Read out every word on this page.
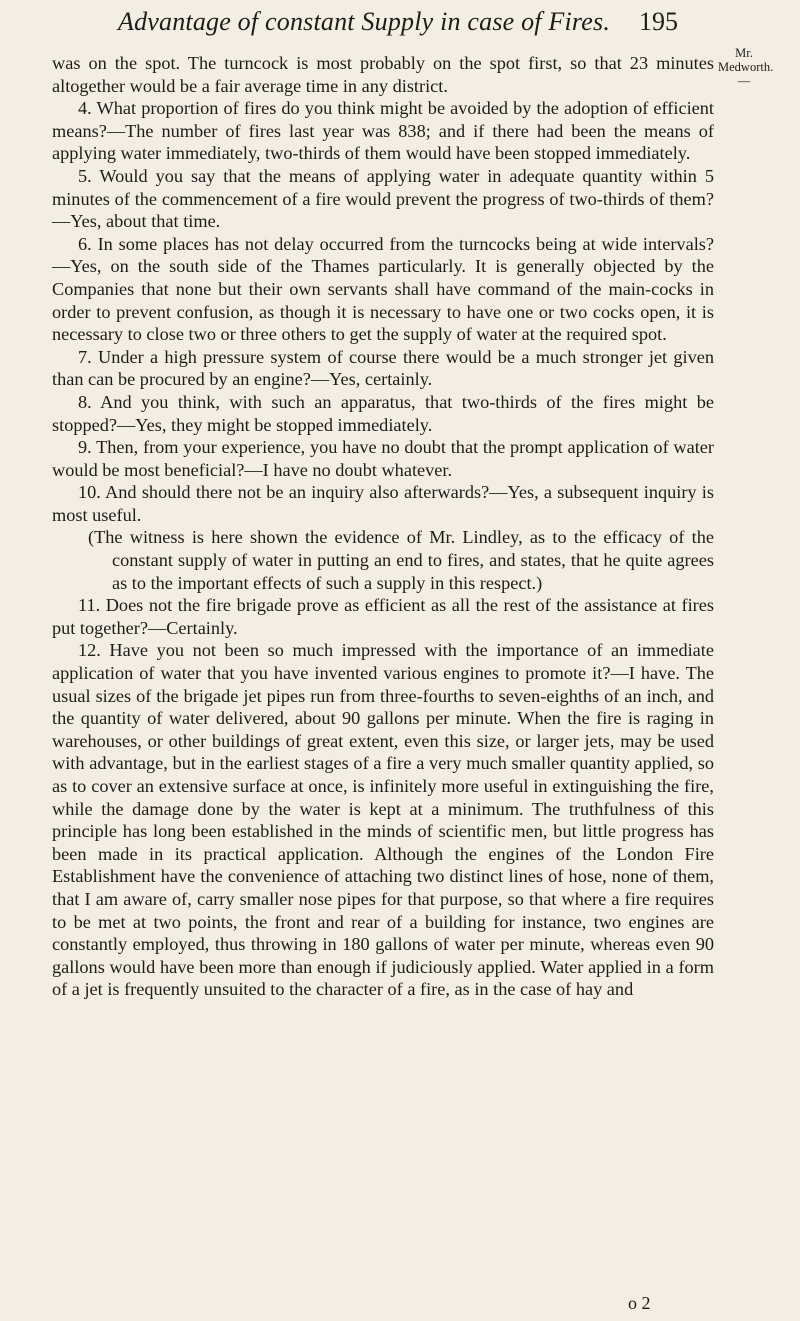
Advantage of constant Supply in case of Fires. 195
Mr.
Medworth.
—

was on the spot. The turncock is most probably on the spot first, so that 23 minutes altogether would be a fair average time in any district.

4. What proportion of fires do you think might be avoided by the adoption of efficient means?—The number of fires last year was 838; and if there had been the means of applying water immediately, two-thirds of them would have been stopped immediately.

5. Would you say that the means of applying water in adequate quantity within 5 minutes of the commencement of a fire would prevent the progress of two-thirds of them?—Yes, about that time.

6. In some places has not delay occurred from the turncocks being at wide intervals?—Yes, on the south side of the Thames particularly. It is generally objected by the Companies that none but their own servants shall have command of the main-cocks in order to prevent confusion, as though it is necessary to have one or two cocks open, it is necessary to close two or three others to get the supply of water at the required spot.

7. Under a high pressure system of course there would be a much stronger jet given than can be procured by an engine?—Yes, certainly.

8. And you think, with such an apparatus, that two-thirds of the fires might be stopped?—Yes, they might be stopped immediately.

9. Then, from your experience, you have no doubt that the prompt application of water would be most beneficial?—I have no doubt whatever.

10. And should there not be an inquiry also afterwards?—Yes, a subsequent inquiry is most useful.

(The witness is here shown the evidence of Mr. Lindley, as to the efficacy of the constant supply of water in putting an end to fires, and states, that he quite agrees as to the important effects of such a supply in this respect.)

11. Does not the fire brigade prove as efficient as all the rest of the assistance at fires put together?—Certainly.

12. Have you not been so much impressed with the importance of an immediate application of water that you have invented various engines to promote it?—I have. The usual sizes of the brigade jet pipes run from three-fourths to seven-eighths of an inch, and the quantity of water delivered, about 90 gallons per minute. When the fire is raging in warehouses, or other buildings of great extent, even this size, or larger jets, may be used with advantage, but in the earliest stages of a fire a very much smaller quantity applied, so as to cover an extensive surface at once, is infinitely more useful in extinguishing the fire, while the damage done by the water is kept at a minimum. The truthfulness of this principle has long been established in the minds of scientific men, but little progress has been made in its practical application. Although the engines of the London Fire Establishment have the convenience of attaching two distinct lines of hose, none of them, that I am aware of, carry smaller nose pipes for that purpose, so that where a fire requires to be met at two points, the front and rear of a building for instance, two engines are constantly employed, thus throwing in 180 gallons of water per minute, whereas even 90 gallons would have been more than enough if judiciously applied. Water applied in a form of a jet is frequently unsuited to the character of a fire, as in the case of hay and

o 2
